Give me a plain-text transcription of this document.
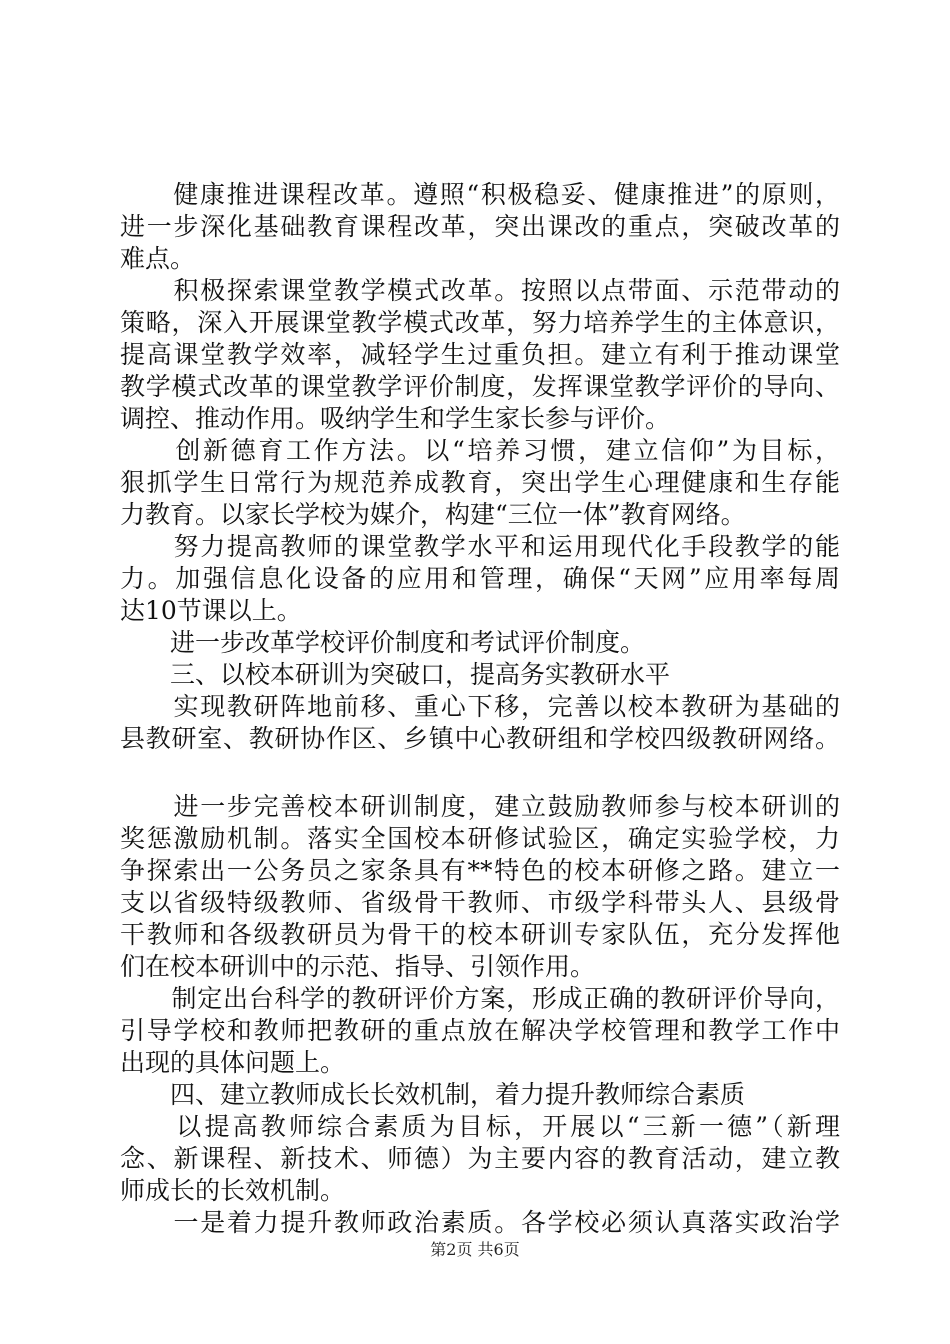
　　健康推进课程改革。遵照“积极稳妥、健康推进”的原则，
进一步深化基础教育课程改革，突出课改的重点，突破改革的
难点。
　　积极探索课堂教学模式改革。按照以点带面、示范带动的
策略，深入开展课堂教学模式改革，努力培养学生的主体意识，
提高课堂教学效率，减轻学生过重负担。建立有利于推动课堂
教学模式改革的课堂教学评价制度，发挥课堂教学评价的导向、
调控、推动作用。吸纳学生和学生家长参与评价。
　　创新德育工作方法。以“培养习惯，建立信仰”为目标，
狠抓学生日常行为规范养成教育，突出学生心理健康和生存能
力教育。以家长学校为媒介，构建“三位一体”教育网络。
　　努力提高教师的课堂教学水平和运用现代化手段教学的能
力。加强信息化设备的应用和管理，确保“天网”应用率每周
达10节课以上。
　　进一步改革学校评价制度和考试评价制度。
　　三、以校本研训为突破口，提高务实教研水平
　　实现教研阵地前移、重心下移，完善以校本教研为基础的
县教研室、教研协作区、乡镇中心教研组和学校四级教研网络。
　　进一步完善校本研训制度，建立鼓励教师参与校本研训的
奖惩激励机制。落实全国校本研修试验区，确定实验学校，力
争探索出一公务员之家条具有**特色的校本研修之路。建立一
支以省级特级教师、省级骨干教师、市级学科带头人、县级骨
干教师和各级教研员为骨干的校本研训专家队伍，充分发挥他
们在校本研训中的示范、指导、引领作用。
　　制定出台科学的教研评价方案，形成正确的教研评价导向，
引导学校和教师把教研的重点放在解决学校管理和教学工作中
出现的具体问题上。
　　四、建立教师成长长效机制，着力提升教师综合素质
　　以提高教师综合素质为目标，开展以“三新一德”（新理
念、新课程、新技术、师德）为主要内容的教育活动，建立教
师成长的长效机制。
　　一是着力提升教师政治素质。各学校必须认真落实政治学
第2页 共6页
